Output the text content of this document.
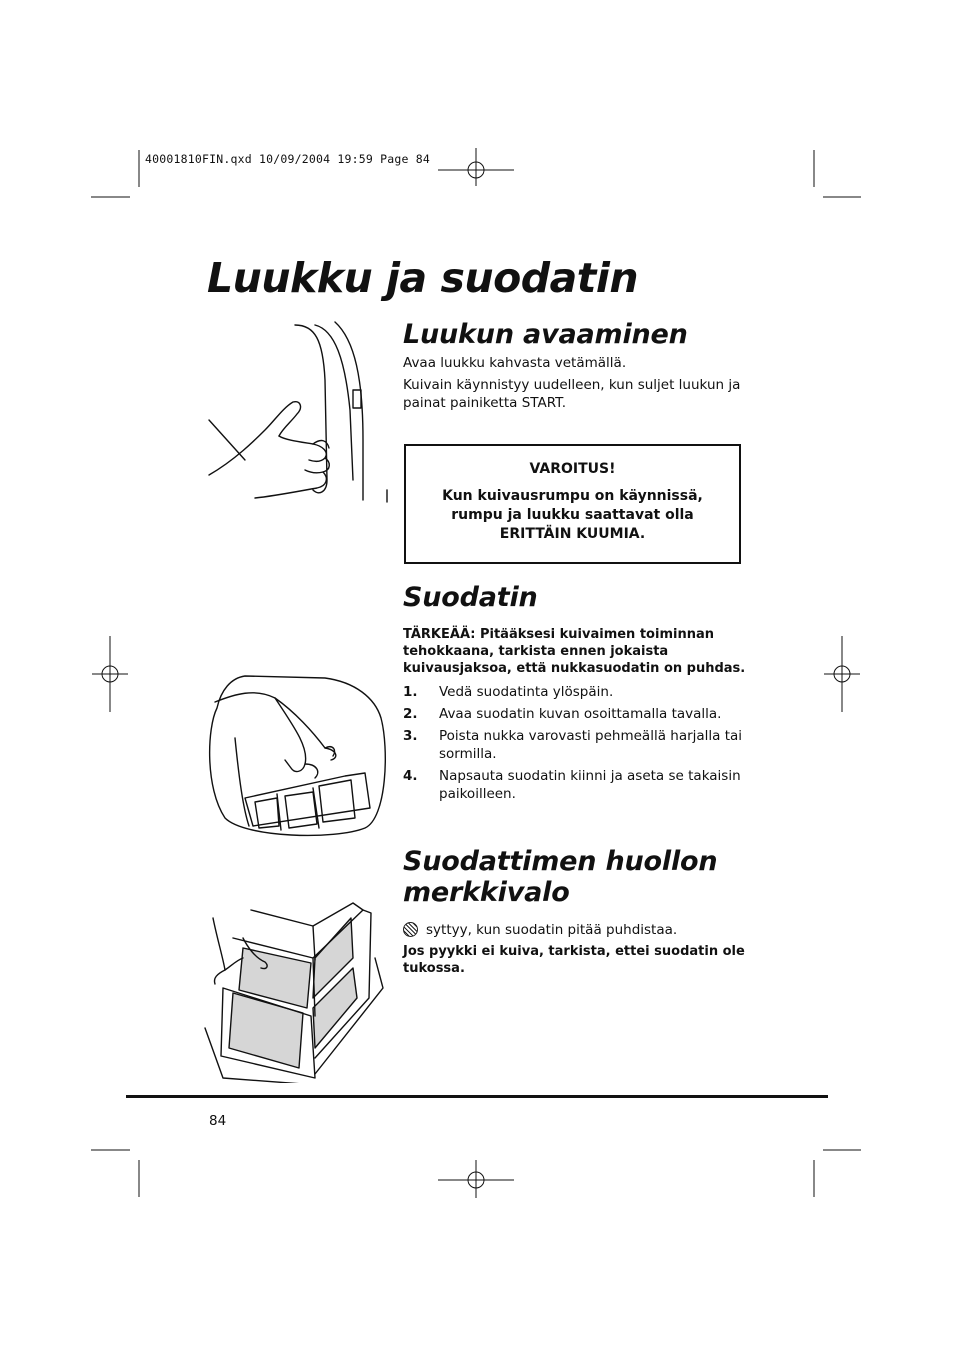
40001810FIN.qxd 10/09/2004 19:59 Page 84
Luukku ja suodatin
Luukun avaaminen
Avaa luukku kahvasta vetämällä.
Kuivain käynnistyy uudelleen, kun suljet luukun ja
painat painiketta START.
VAROITUS!
Kun kuivausrumpu on käynnissä,
rumpu ja luukku saattavat olla
ERITTÄIN KUUMIA.
Suodatin
TÄRKEÄÄ: Pitääksesi kuivaimen toiminnan
tehokkaana, tarkista ennen jokaista
kuivausjaksoa, että nukkasuodatin on puhdas.
1. Vedä suodatinta ylöspäin.
2. Avaa suodatin kuvan osoittamalla tavalla.
3. Poista nukka varovasti pehmeällä harjalla tai sormilla.
4. Napsauta suodatin kiinni ja aseta se takaisin paikoilleen.
Suodattimen huollon
merkkivalo
syttyy, kun suodatin pitää puhdistaa.
Jos pyykki ei kuiva, tarkista, ettei suodatin ole
tukossa.
84
